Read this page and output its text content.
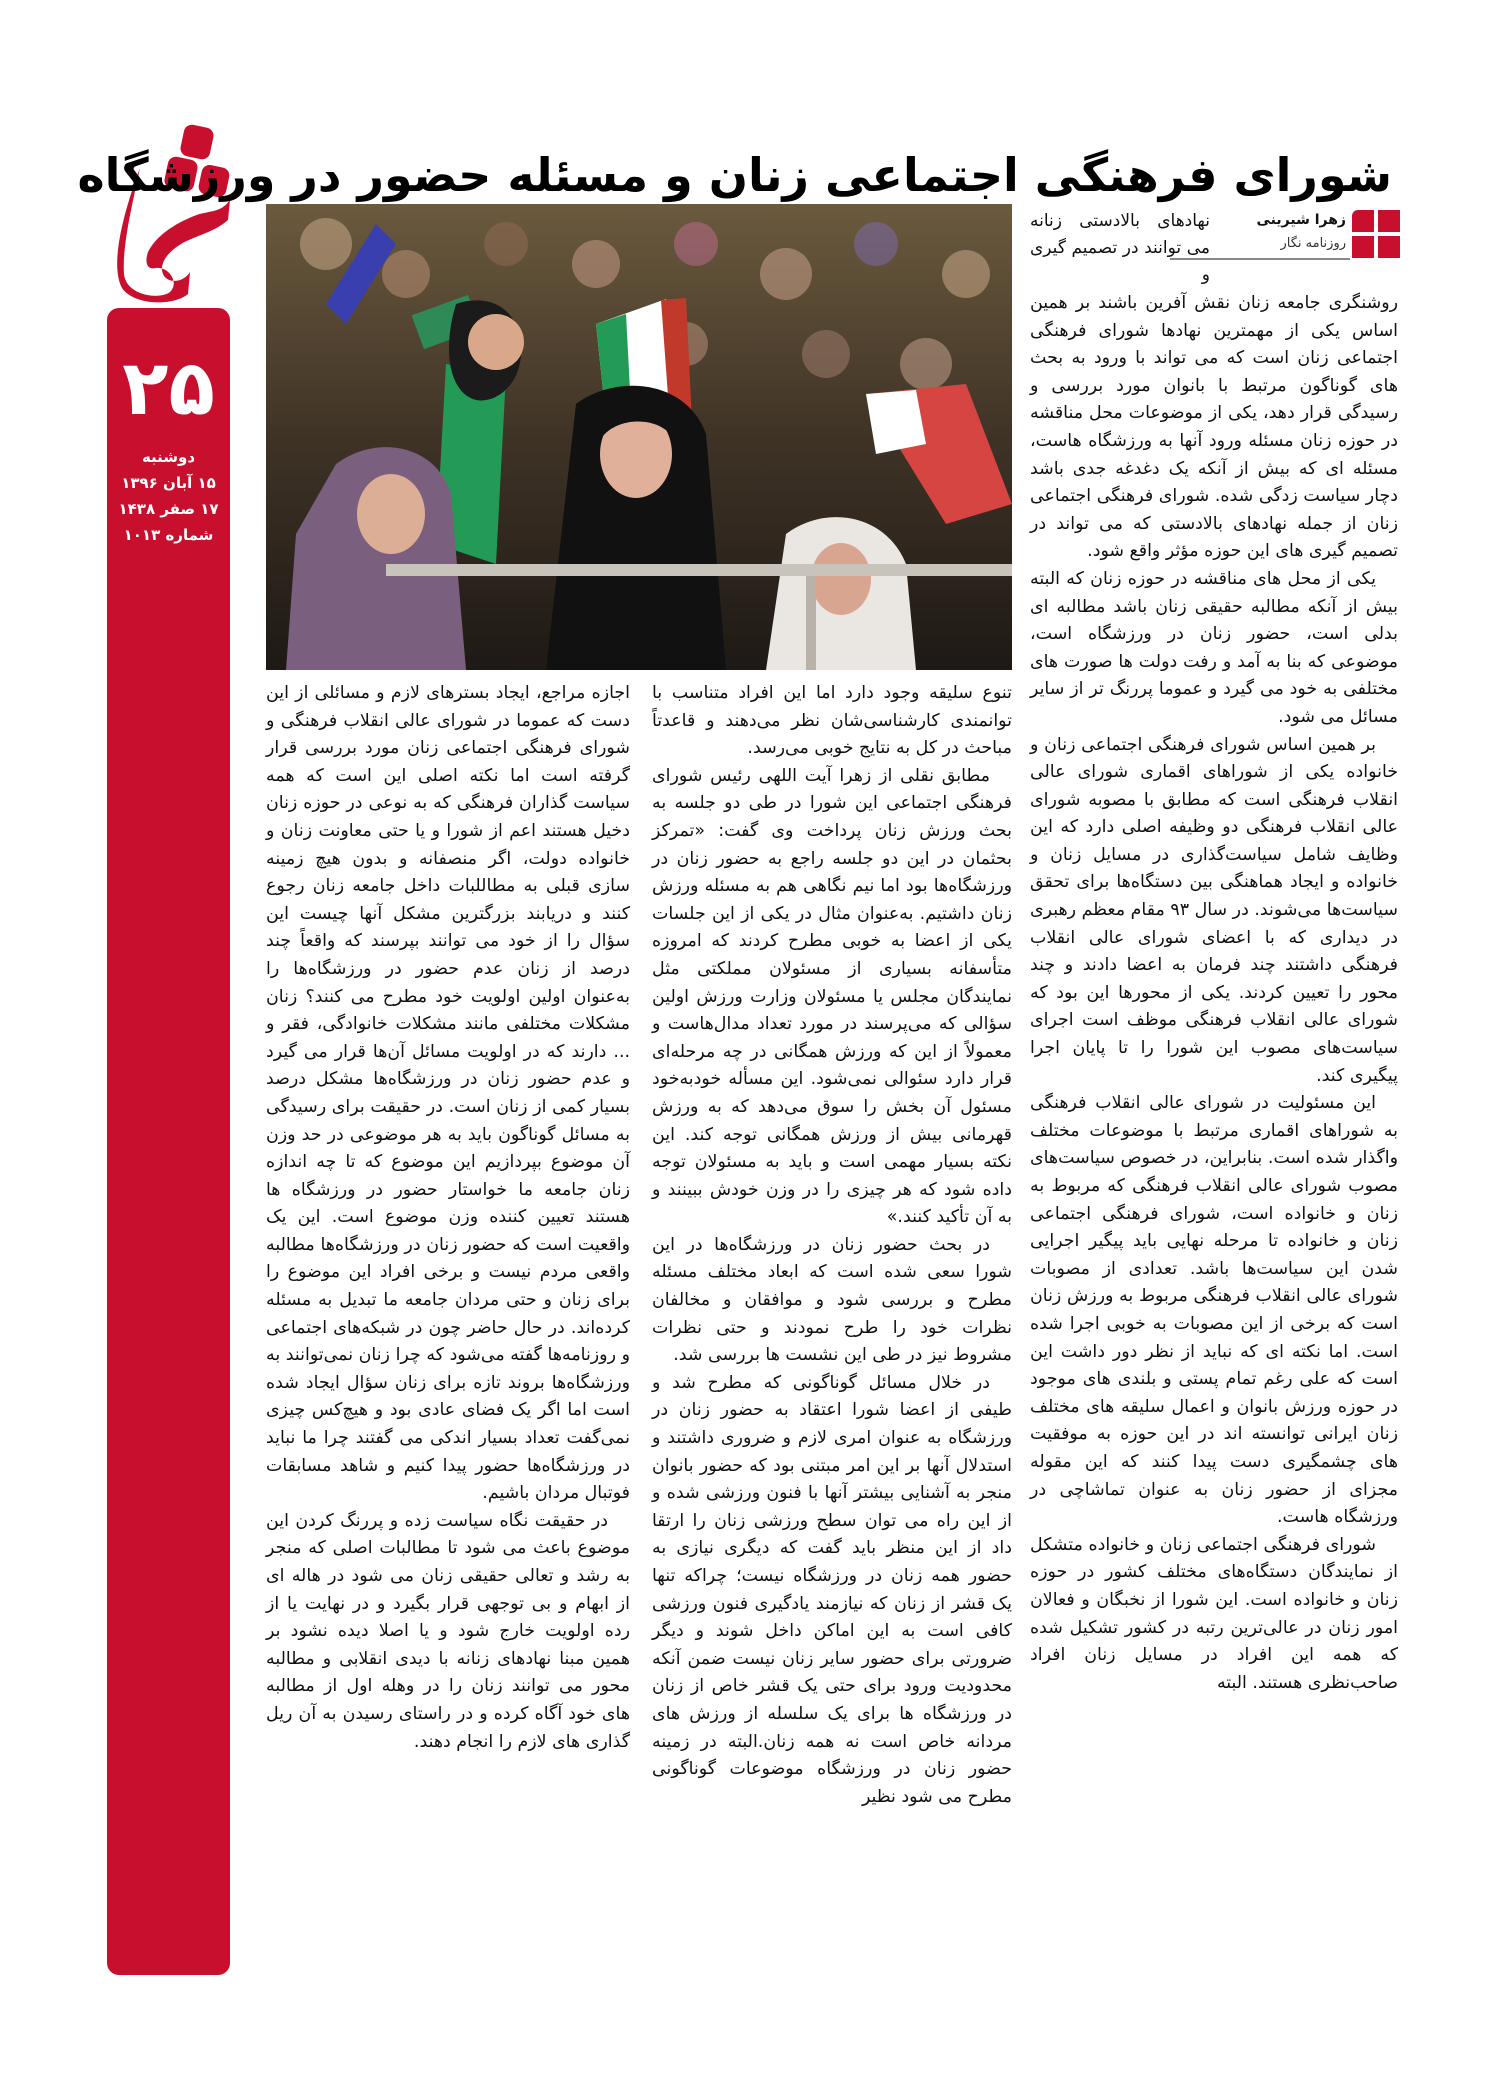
۲۵
دوشنبه
۱۵ آبان ۱۳۹۶
۱۷ صفر ۱۴۳۸
شماره ۱۰۱۳
شورای فرهنگی اجتماعی زنان و مسئله حضور در ورزشگاه
زهرا شیرینی
روزنامه نگار
نهادهای بالادستی زنانه می توانند در تصمیم گیری و

روشنگری جامعه زنان نقش آفرین باشند بر همین اساس یکی از مهمترین نهادها شورای فرهنگی اجتماعی زنان است که می تواند با ورود به بحث های گوناگون مرتبط با بانوان مورد بررسی و رسیدگی قرار دهد، یکی از موضوعات محل مناقشه در حوزه زنان مسئله ورود آنها به ورزشگاه هاست، مسئله ای که بیش از آنکه یک دغدغه جدی باشد دچار سیاست زدگی شده. شورای فرهنگی اجتماعی زنان از جمله نهادهای بالادستی که می تواند در تصمیم گیری های این حوزه مؤثر واقع شود.

یکی از محل های مناقشه در حوزه زنان که البته بیش از آنکه مطالبه حقیقی زنان باشد مطالبه ای بدلی است، حضور زنان در ورزشگاه است، موضوعی که بنا به آمد و رفت دولت ها صورت های مختلفی به خود می گیرد و عموما پررنگ تر از سایر مسائل می شود.

بر همین اساس شورای فرهنگی اجتماعی زنان و خانواده یکی از شوراهای اقماری شورای عالی انقلاب فرهنگی است که مطابق با مصوبه شورای عالی انقلاب فرهنگی دو وظیفه اصلی دارد که این وظایف شامل سیاست‌گذاری در مسایل زنان و خانواده و ایجاد هماهنگی بین دستگاه‌ها برای تحقق سیاست‌ها می‌شوند. در سال ۹۳ مقام معظم رهبری در دیداری که با اعضای شورای عالی انقلاب فرهنگی داشتند چند فرمان به اعضا دادند و چند محور را تعیین کردند. یکی از محورها این بود که شورای عالی انقلاب فرهنگی موظف است اجرای سیاست‌های مصوب این شورا را تا پایان اجرا پیگیری کند.

این مسئولیت در شورای عالی انقلاب فرهنگی به شوراهای اقماری مرتبط با موضوعات مختلف واگذار شده است. بنابراین، در خصوص سیاست‌های مصوب شورای عالی انقلاب فرهنگی که مربوط به زنان و خانواده است، شورای فرهنگی اجتماعی زنان و خانواده تا مرحله نهایی باید پیگیر اجرایی شدن این سیاست‌ها باشد. تعدادی از مصوبات شورای عالی انقلاب فرهنگی مربوط به ورزش زنان است که برخی از این مصوبات به خوبی اجرا شده است. اما نکته ای که نباید از نظر دور داشت این است که علی رغم تمام پستی و بلندی های موجود در حوزه ورزش بانوان و اعمال سلیقه های مختلف زنان ایرانی توانسته اند در این حوزه به موفقیت های چشمگیری دست پیدا کنند که این مقوله مجزای از حضور زنان به عنوان تماشاچی در ورزشگاه هاست.

شورای فرهنگی اجتماعی زنان و خانواده متشکل از نمایندگان دستگاه‌های مختلف کشور در حوزه زنان و خانواده است. این شورا از نخبگان و فعالان امور زنان در عالی‌ترین رتبه در کشور تشکیل شده که همه این افراد در مسایل زنان افراد صاحب‌نظری هستند. البته

تنوع سلیقه وجود دارد اما این افراد متناسب با توانمندی کارشناسی‌شان نظر می‌دهند و قاعدتاً مباحث در کل به نتایج خوبی می‌رسد.

مطابق نقلی از زهرا آیت اللهی رئیس شورای فرهنگی اجتماعی این شورا در طی دو جلسه به بحث ورزش زنان پرداخت وی گفت: «تمرکز بحثمان در این دو جلسه راجع به حضور زنان در ورزشگاه‌ها بود اما نیم نگاهی هم به مسئله ورزش زنان داشتیم. به‌عنوان مثال در یکی از این جلسات یکی از اعضا به خوبی مطرح کردند که امروزه متأسفانه بسیاری از مسئولان مملکتی مثل نمایندگان مجلس یا مسئولان وزارت ورزش اولین سؤالی که می‌پرسند در مورد تعداد مدال‌هاست و معمولاً از این که ورزش همگانی در چه مرحله‌ای قرار دارد سئوالی نمی‌شود. این مسأله خودبه‌خود مسئول آن بخش را سوق می‌دهد که به ورزش قهرمانی بیش از ورزش همگانی توجه کند. این نکته بسیار مهمی است و باید به مسئولان توجه داده شود که هر چیزی را در وزن خودش ببینند و به آن تأکید کنند.»

در بحث حضور زنان در ورزشگاه‌ها در این شورا سعی شده است که ابعاد مختلف مسئله مطرح و بررسی شود و موافقان و مخالفان نظرات خود را طرح نمودند و حتی نظرات مشروط نیز در طی این نشست ها بررسی شد.

در خلال مسائل گوناگونی که مطرح شد و طیفی از اعضا شورا اعتقاد به حضور زنان در ورزشگاه به عنوان امری لازم و ضروری داشتند و استدلال آنها بر این امر مبتنی بود که حضور بانوان منجر به آشنایی بیشتر آنها با فنون ورزشی شده و از این راه می توان سطح ورزشی زنان را ارتقا داد از این منظر باید گفت که دیگری نیازی به حضور همه زنان در ورزشگاه نیست؛ چراکه تنها یک قشر از زنان که نیازمند یادگیری فنون ورزشی کافی است به این اماکن داخل شوند و دیگر ضرورتی برای حضور سایر زنان نیست ضمن آنکه محدودیت ورود برای حتی یک قشر خاص از زنان در ورزشگاه ها برای یک سلسله از ورزش های مردانه خاص است نه همه زنان.البته در زمینه حضور زنان در ورزشگاه موضوعات گوناگونی مطرح می شود نظیر

اجازه مراجع، ایجاد بسترهای لازم و مسائلی از این دست که عموما در شورای عالی انقلاب فرهنگی و شورای فرهنگی اجتماعی زنان مورد بررسی قرار گرفته است اما نکته اصلی این است که همه سیاست گذاران فرهنگی که به نوعی در حوزه زنان دخیل هستند اعم از شورا و یا حتی معاونت زنان و خانواده دولت، اگر منصفانه و بدون هیچ زمینه سازی قبلی به مطاللبات داخل جامعه زنان رجوع کنند و دریابند بزرگترین مشکل آنها چیست این سؤال را از خود می توانند بپرسند که واقعاً چند درصد از زنان عدم حضور در ورزشگاه‌ها را به‌عنوان اولین اولویت خود مطرح می کنند؟ زنان مشکلات مختلفی مانند مشکلات خانوادگی، فقر و ... دارند که در اولویت مسائل آن‌ها قرار می گیرد و عدم حضور زنان در ورزشگاه‌ها مشکل درصد بسیار کمی از زنان است. در حقیقت برای رسیدگی به مسائل گوناگون باید به هر موضوعی در حد وزن آن موضوع بپردازیم این موضوع که تا چه اندازه زنان جامعه ما خواستار حضور در ورزشگاه ها هستند تعیین کننده وزن موضوع است. این یک واقعیت است که حضور زنان در ورزشگاه‌ها مطالبه واقعی مردم نیست و برخی افراد این موضوع را برای زنان و حتی مردان جامعه ما تبدیل به مسئله کرده‌اند. در حال حاضر چون در شبکه‌های اجتماعی و روزنامه‌ها گفته می‌شود که چرا زنان نمی‌توانند به ورزشگاه‌ها بروند تازه برای زنان سؤال ایجاد شده است اما اگر یک فضای عادی بود و هیچ‌کس چیزی نمی‌گفت تعداد بسیار اندکی می گفتند چرا ما نباید در ورزشگاه‌ها حضور پیدا کنیم و شاهد مسابقات فوتبال مردان باشیم.

در حقیقت نگاه سیاست زده و پررنگ کردن این موضوع باعث می شود تا مطالبات اصلی که منجر به رشد و تعالی حقیقی زنان می شود در هاله ای از ابهام و بی توجهی قرار بگیرد و در نهایت یا از رده اولویت خارج شود و یا اصلا دیده نشود بر همین مبنا نهادهای زنانه با دیدی انقلابی و مطالبه محور می توانند زنان را در وهله اول از مطالبه های خود آگاه کرده و در راستای رسیدن به آن ریل گذاری های لازم را انجام دهند.
